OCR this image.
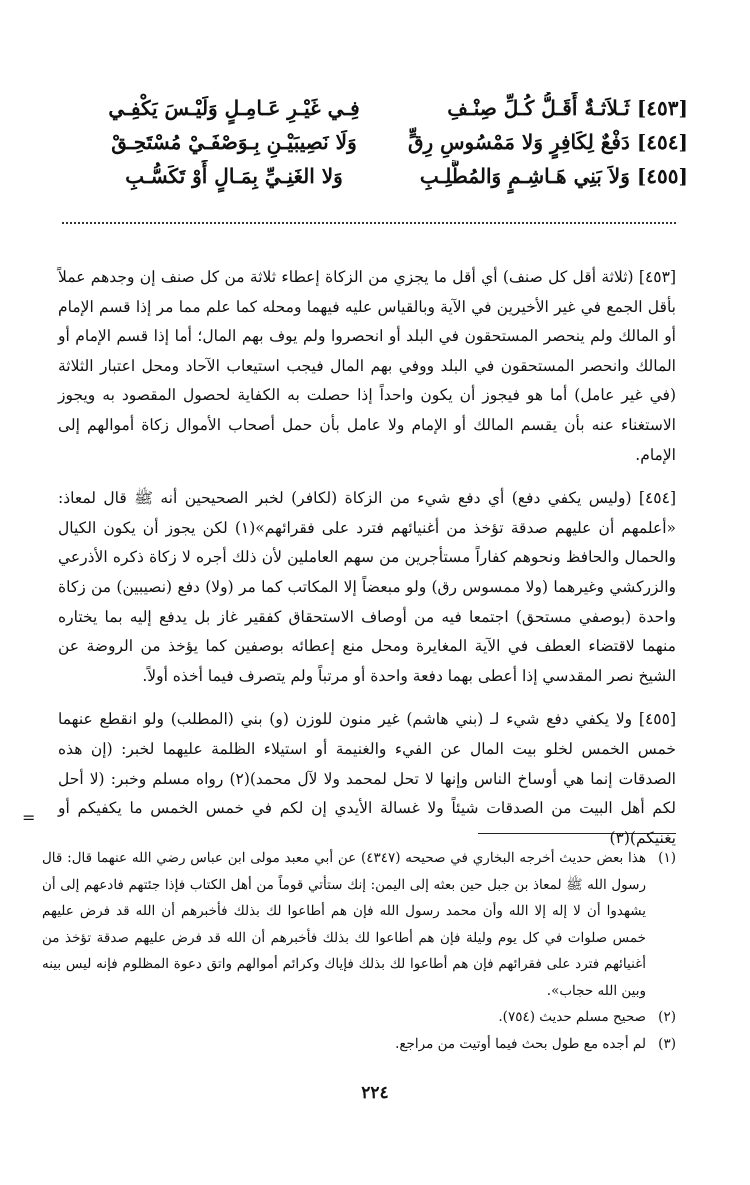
[٤٥٣] ثَـلاَثـةٌ أَقَـلُّ كُـلِّ صِنْـفِ
فِـي غَيْـرِ عَـامِـلٍ وَلَيْـسَ يَكْفِـي
[٤٥٤] دَفْعٌ لِكَافِرٍ وَلا مَمْسُوسِ رِقٍّ
وَلَا نَصِيبَيْـنِ بِـوَصْفَـيْ مُسْتَحِـقْ
[٤٥٥] وَلاَ بَنِي هَـاشِـمٍ وَالمُطَّلِـبِ
وَلا الغَنِـيِّ بِمَـالٍ أَوْ تَكَسُّـبِ

[٤٥٣] (ثلاثة أقل كل صنف) أي أقل ما يجزي من الزكاة إعطاء ثلاثة من كل صنف إن وجدهم عملاً بأقل الجمع في غير الأخيرين في الآية وبالقياس عليه فيهما ومحله كما علم مما مر إذا قسم الإمام أو المالك ولم ينحصر المستحقون في البلد أو انحصروا ولم يوف بهم المال؛ أما إذا قسم الإمام أو المالك وانحصر المستحقون في البلد ووفي بهم المال فيجب استيعاب الآحاد ومحل اعتبار الثلاثة (في غير عامل) أما هو فيجوز أن يكون واحداً إذا حصلت به الكفاية لحصول المقصود به ويجوز الاستغناء عنه بأن يقسم المالك أو الإمام ولا عامل بأن حمل أصحاب الأموال زكاة أموالهم إلى الإمام.

[٤٥٤] (وليس يكفي دفع) أي دفع شيء من الزكاة (لكافر) لخبر الصحيحين أنه ﷺ قال لمعاذ: «أعلمهم أن عليهم صدقة تؤخذ من أغنيائهم فترد على فقرائهم»(١) لكن يجوز أن يكون الكيال والحمال والحافظ ونحوهم كفاراً مستأجرين من سهم العاملين لأن ذلك أجره لا زكاة ذكره الأذرعي والزركشي وغيرهما (ولا ممسوس رق) ولو مبعضاً إلا المكاتب كما مر (ولا) دفع (نصيبين) من زكاة واحدة (بوصفي مستحق) اجتمعا فيه من أوصاف الاستحقاق كفقير غاز بل يدفع إليه بما يختاره منهما لاقتضاء العطف في الآية المغايرة ومحل منع إعطائه بوصفين كما يؤخذ من الروضة عن الشيخ نصر المقدسي إذا أعطى بهما دفعة واحدة أو مرتباً ولم يتصرف فيما أخذه أولاً.

[٤٥٥] ولا يكفي دفع شيء لـ (بني هاشم) غير منون للوزن (و) بني (المطلب) ولو انقطع عنهما خمس الخمس لخلو بيت المال عن الفيء والغنيمة أو استيلاء الظلمة عليهما لخبر: (إن هذه الصدقات إنما هي أوساخ الناس وإنها لا تحل لمحمد ولا لآل محمد)(٢) رواه مسلم وخبر: (لا أحل لكم أهل البيت من الصدقات شيئاً ولا غسالة الأيدي إن لكم في خمس الخمس ما يكفيكم أو يغنيكم)(٣)

=
(١)
هذا بعض حديث أخرجه البخاري في صحيحه (٤٣٤٧) عن أبي معبد مولى ابن عباس رضي الله عنهما قال: قال رسول الله ﷺ لمعاذ بن جبل حين بعثه إلى اليمن: إنك ستأتي قوماً من أهل الكتاب فإذا جئتهم فادعهم إلى أن يشهدوا أن لا إله إلا الله وأن محمد رسول الله فإن هم أطاعوا لك بذلك فأخبرهم أن الله قد فرض عليهم خمس صلوات في كل يوم وليلة فإن هم أطاعوا لك بذلك فأخبرهم أن الله قد فرض عليهم صدقة تؤخذ من أغنيائهم فترد على فقرائهم فإن هم أطاعوا لك بذلك فإياك وكرائم أموالهم واتق دعوة المظلوم فإنه ليس بينه وبين الله حجاب».
(٢)
صحيح مسلم حديث (٧٥٤).
(٣)
لم أجده مع طول بحث فيما أوتيت من مراجع.
٢٢٤
